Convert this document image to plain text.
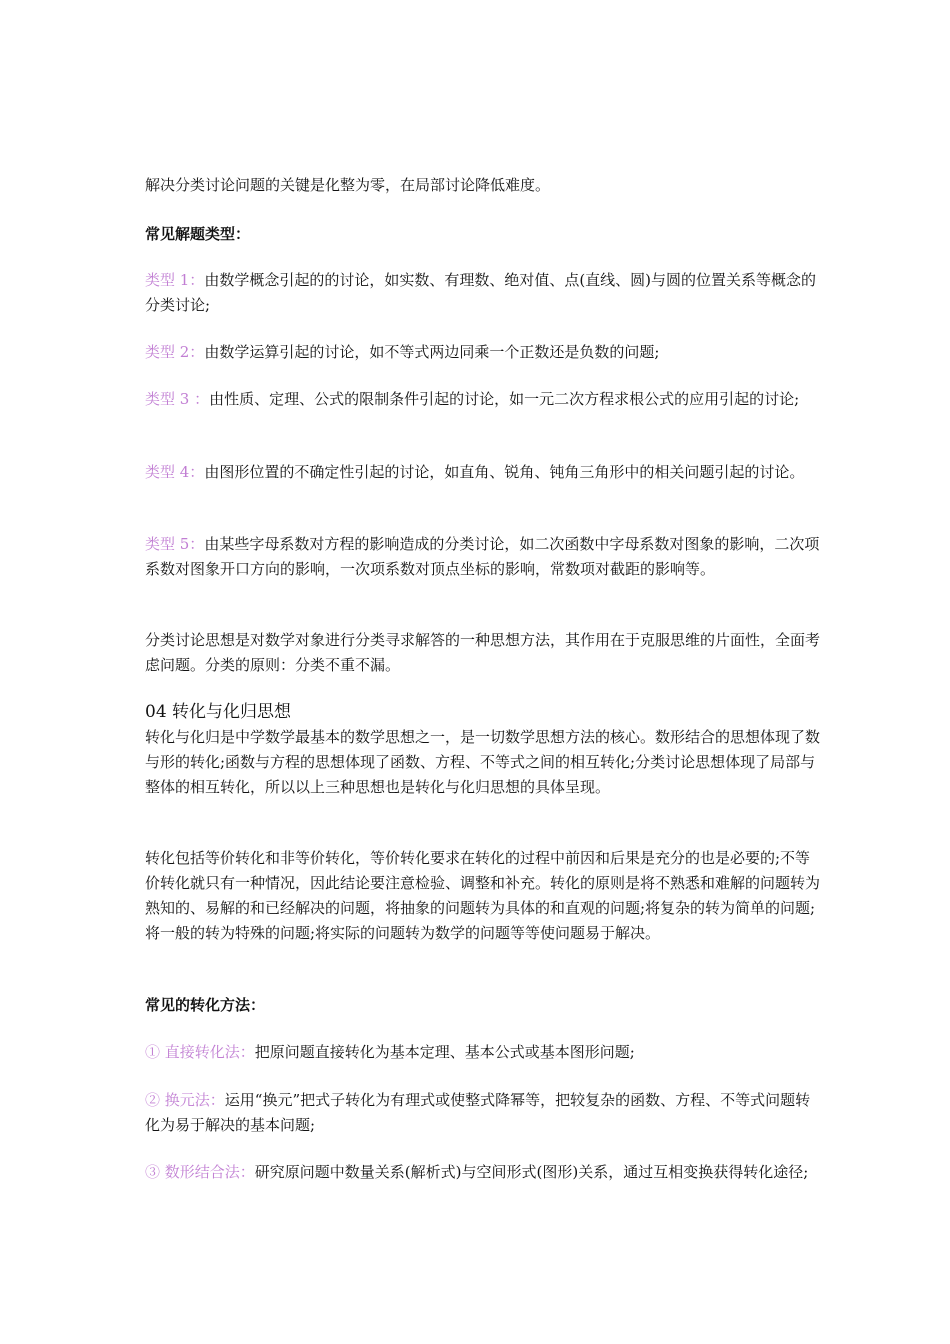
解决分类讨论问题的关键是化整为零，在局部讨论降低难度。
常见解题类型：
类型 1：由数学概念引起的的讨论，如实数、有理数、绝对值、点(直线、圆)与圆的位置关系等概念的分类讨论;
类型 2：由数学运算引起的讨论，如不等式两边同乘一个正数还是负数的问题;
类型 3 ：由性质、定理、公式的限制条件引起的讨论，如一元二次方程求根公式的应用引起的讨论;
类型 4：由图形位置的不确定性引起的讨论，如直角、锐角、钝角三角形中的相关问题引起的讨论。
类型 5：由某些字母系数对方程的影响造成的分类讨论，如二次函数中字母系数对图象的影响，二次项系数对图象开口方向的影响，一次项系数对顶点坐标的影响，常数项对截距的影响等。
分类讨论思想是对数学对象进行分类寻求解答的一种思想方法，其作用在于克服思维的片面性，全面考虑问题。分类的原则：分类不重不漏。
04 转化与化归思想
转化与化归是中学数学最基本的数学思想之一，是一切数学思想方法的核心。数形结合的思想体现了数与形的转化;函数与方程的思想体现了函数、方程、不等式之间的相互转化;分类讨论思想体现了局部与整体的相互转化，所以以上三种思想也是转化与化归思想的具体呈现。
转化包括等价转化和非等价转化，等价转化要求在转化的过程中前因和后果是充分的也是必要的;不等价转化就只有一种情况，因此结论要注意检验、调整和补充。转化的原则是将不熟悉和难解的问题转为熟知的、易解的和已经解决的问题，将抽象的问题转为具体的和直观的问题;将复杂的转为简单的问题;将一般的转为特殊的问题;将实际的问题转为数学的问题等等使问题易于解决。
常见的转化方法：
① 直接转化法：把原问题直接转化为基本定理、基本公式或基本图形问题;
② 换元法：运用“换元”把式子转化为有理式或使整式降幂等，把较复杂的函数、方程、不等式问题转化为易于解决的基本问题;
③ 数形结合法：研究原问题中数量关系(解析式)与空间形式(图形)关系，通过互相变换获得转化途径;
